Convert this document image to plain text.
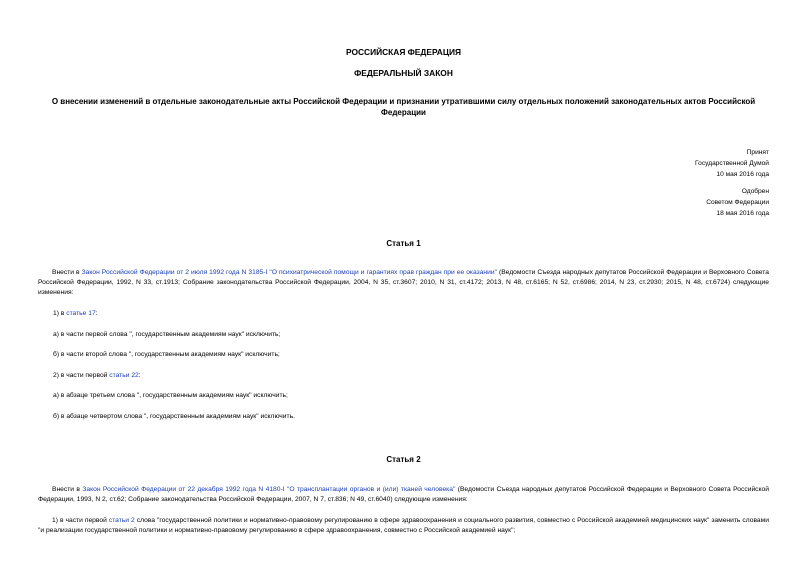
РОССИЙСКАЯ ФЕДЕРАЦИЯ
ФЕДЕРАЛЬНЫЙ ЗАКОН
О внесении изменений в отдельные законодательные акты Российской Федерации и признании утратившими силу отдельных положений законодательных актов Российской Федерации
Принят
Государственной Думой
10 мая 2016 года
Одобрен
Советом Федерации
18 мая 2016 года
Статья 1
Внести в Закон Российской Федерации от 2 июля 1992 года N 3185-I "О психиатрической помощи и гарантиях прав граждан при ее оказании" (Ведомости Съезда народных депутатов Российской Федерации и Верховного Совета Российской Федерации, 1992, N 33, ст.1913; Собрание законодательства Российской Федерации, 2004, N 35, ст.3607; 2010, N 31, ст.4172; 2013, N 48, ст.6165; N 52, ст.6986; 2014, N 23, ст.2930; 2015, N 48, ст.6724) следующие изменения:
1) в статье 17:
а) в части первой слова ", государственным академиям наук" исключить;
б) в части второй слова ", государственным академиям наук" исключить;
2) в части первой статьи 22:
а) в абзаце третьем слова ", государственным академиям наук" исключить;
б) в абзаце четвертом слова ", государственным академиям наук" исключить.
Статья 2
Внести в Закон Российской Федерации от 22 декабря 1992 года N 4180-I "О трансплантации органов и (или) тканей человека" (Ведомости Съезда народных депутатов Российской Федерации и Верховного Совета Российской Федерации, 1993, N 2, ст.62; Собрание законодательства Российской Федерации, 2007, N 7, ст.836; N 49, ст.6040) следующие изменения:
1) в части первой статьи 2 слова "государственной политики и нормативно-правовому регулированию в сфере здравоохранения и социального развития, совместно с Российской академией медицинских наук" заменить словами "и реализации государственной политики и нормативно-правовому регулированию в сфере здравоохранения, совместно с Российской академией наук";
